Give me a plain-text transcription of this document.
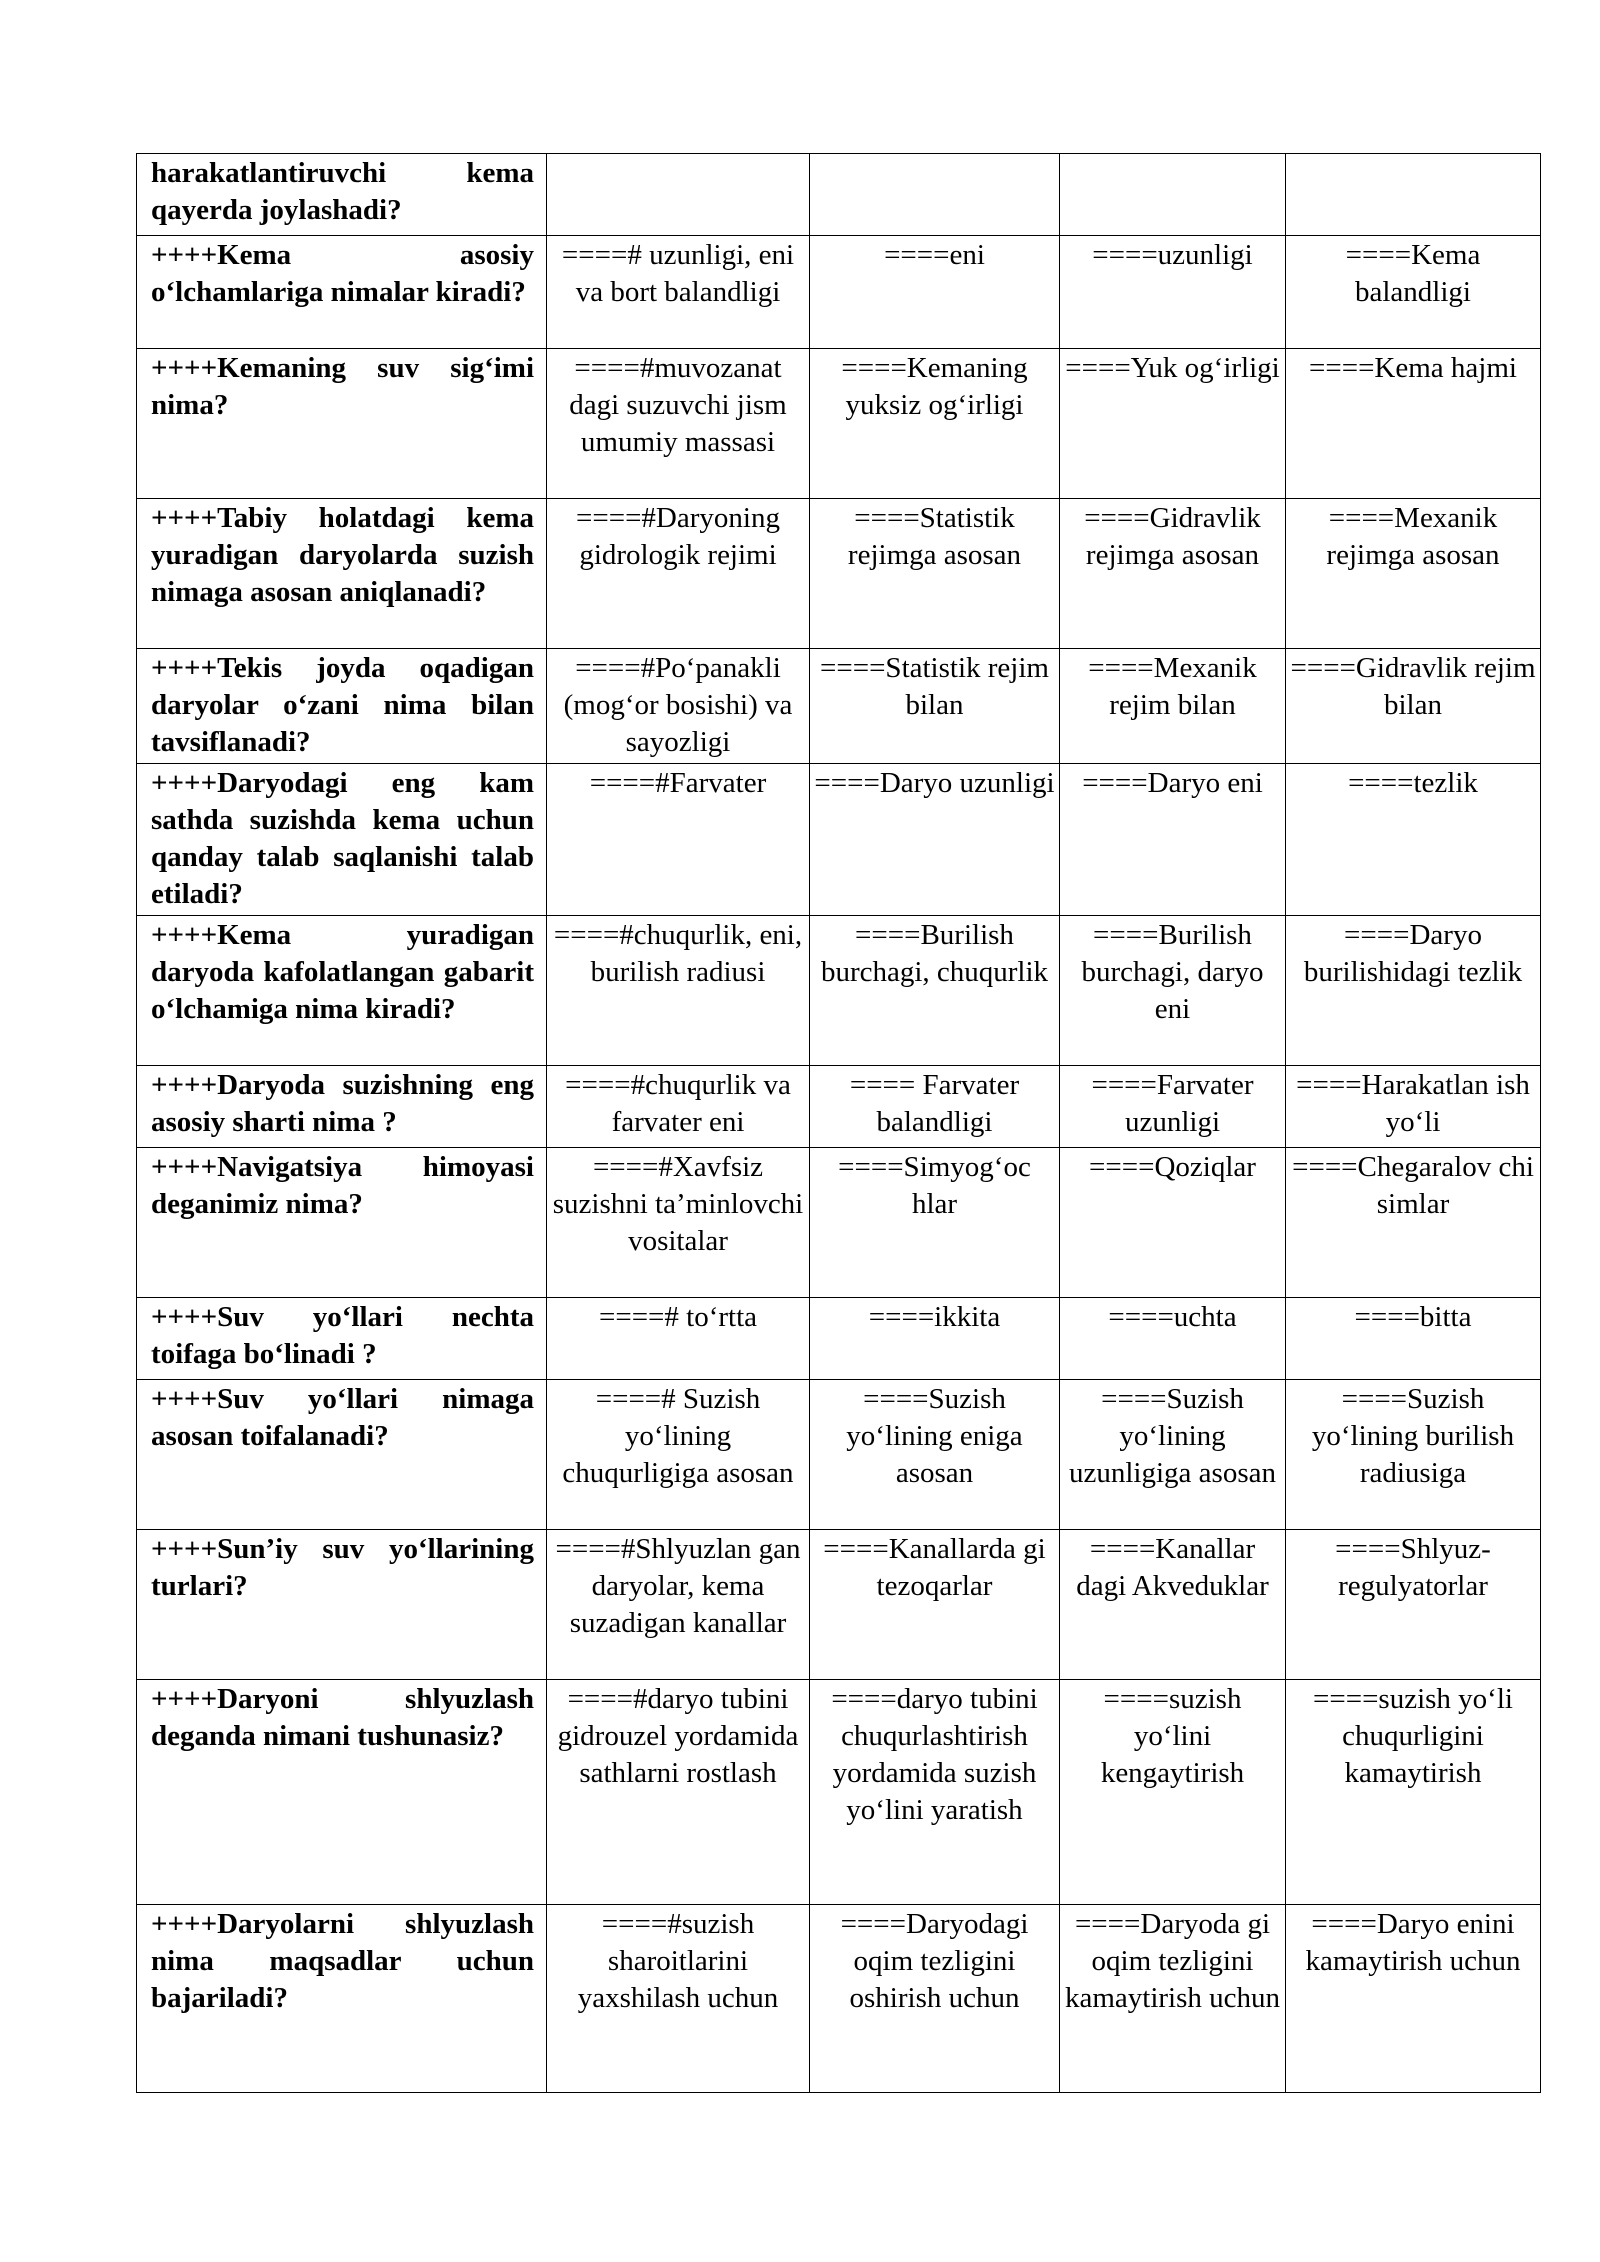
harakatlantiruvchi kema qayerda joylashadi?				
++++Kema asosiy o‘lchamlariga nimalar kiradi?	====# uzunligi, eni va bort balandligi	====eni	====uzunligi	====Kema balandligi
++++Kemaning suv sig‘imi nima?	====#muvozanat dagi suzuvchi jism umumiy massasi	====Kemaning yuksiz og‘irligi	====Yuk og‘irligi	====Kema hajmi
++++Tabiy holatdagi kema yuradigan daryolarda suzish nimaga asosan aniqlanadi?	====#Daryoning gidrologik rejimi	====Statistik rejimga asosan	====Gidravlik rejimga asosan	====Mexanik rejimga asosan
++++Tekis joyda oqadigan daryolar o‘zani nima bilan tavsiflanadi?	====#Po‘panakli (mog‘or bosishi) va sayozligi	====Statistik rejim bilan	====Mexanik rejim bilan	====Gidravlik rejim bilan
++++Daryodagi eng kam sathda suzishda kema uchun qanday talab saqlanishi talab etiladi?	====#Farvater	====Daryo uzunligi	====Daryo eni	====tezlik
++++Kema yuradigan daryoda kafolatlangan gabarit o‘lchamiga nima kiradi?	====#chuqurlik, eni, burilish radiusi	====Burilish burchagi, chuqurlik	====Burilish burchagi, daryo eni	====Daryo burilishidagi tezlik
++++Daryoda suzishning eng asosiy sharti nima ?	====#chuqurlik va farvater eni	==== Farvater balandligi	====Farvater uzunligi	====Harakatlan ish yo‘li
++++Navigatsiya himoyasi deganimiz nima?	====#Xavfsiz suzishni ta’minlovchi vositalar	====Simyog‘oc hlar	====Qoziqlar	====Chegaralov chi simlar
++++Suv yo‘llari nechta toifaga bo‘linadi ?	====# to‘rtta	====ikkita	====uchta	====bitta
++++Suv yo‘llari nimaga asosan toifalanadi?	====# Suzish yo‘lining chuqurligiga asosan	====Suzish yo‘lining eniga asosan	====Suzish yo‘lining uzunligiga asosan	====Suzish yo‘lining burilish radiusiga
++++Sun’iy suv yo‘llarining turlari?	====#Shlyuzlan gan daryolar, kema suzadigan kanallar	====Kanallarda gi tezoqarlar	====Kanallar dagi Akveduklar	====Shlyuz-regulyatorlar
++++Daryoni shlyuzlash deganda nimani tushunasiz?	====#daryo tubini gidrouzel yordamida sathlarni rostlash	====daryo tubini chuqurlashtirish yordamida suzish yo‘lini yaratish	====suzish yo‘lini kengaytirish	====suzish yo‘li chuqurligini kamaytirish
++++Daryolarni shlyuzlash nima maqsadlar uchun bajariladi?	====#suzish sharoitlarini yaxshilash uchun	====Daryodagi oqim tezligini oshirish uchun	====Daryoda gi oqim tezligini kamaytirish uchun	====Daryo enini kamaytirish uchun
